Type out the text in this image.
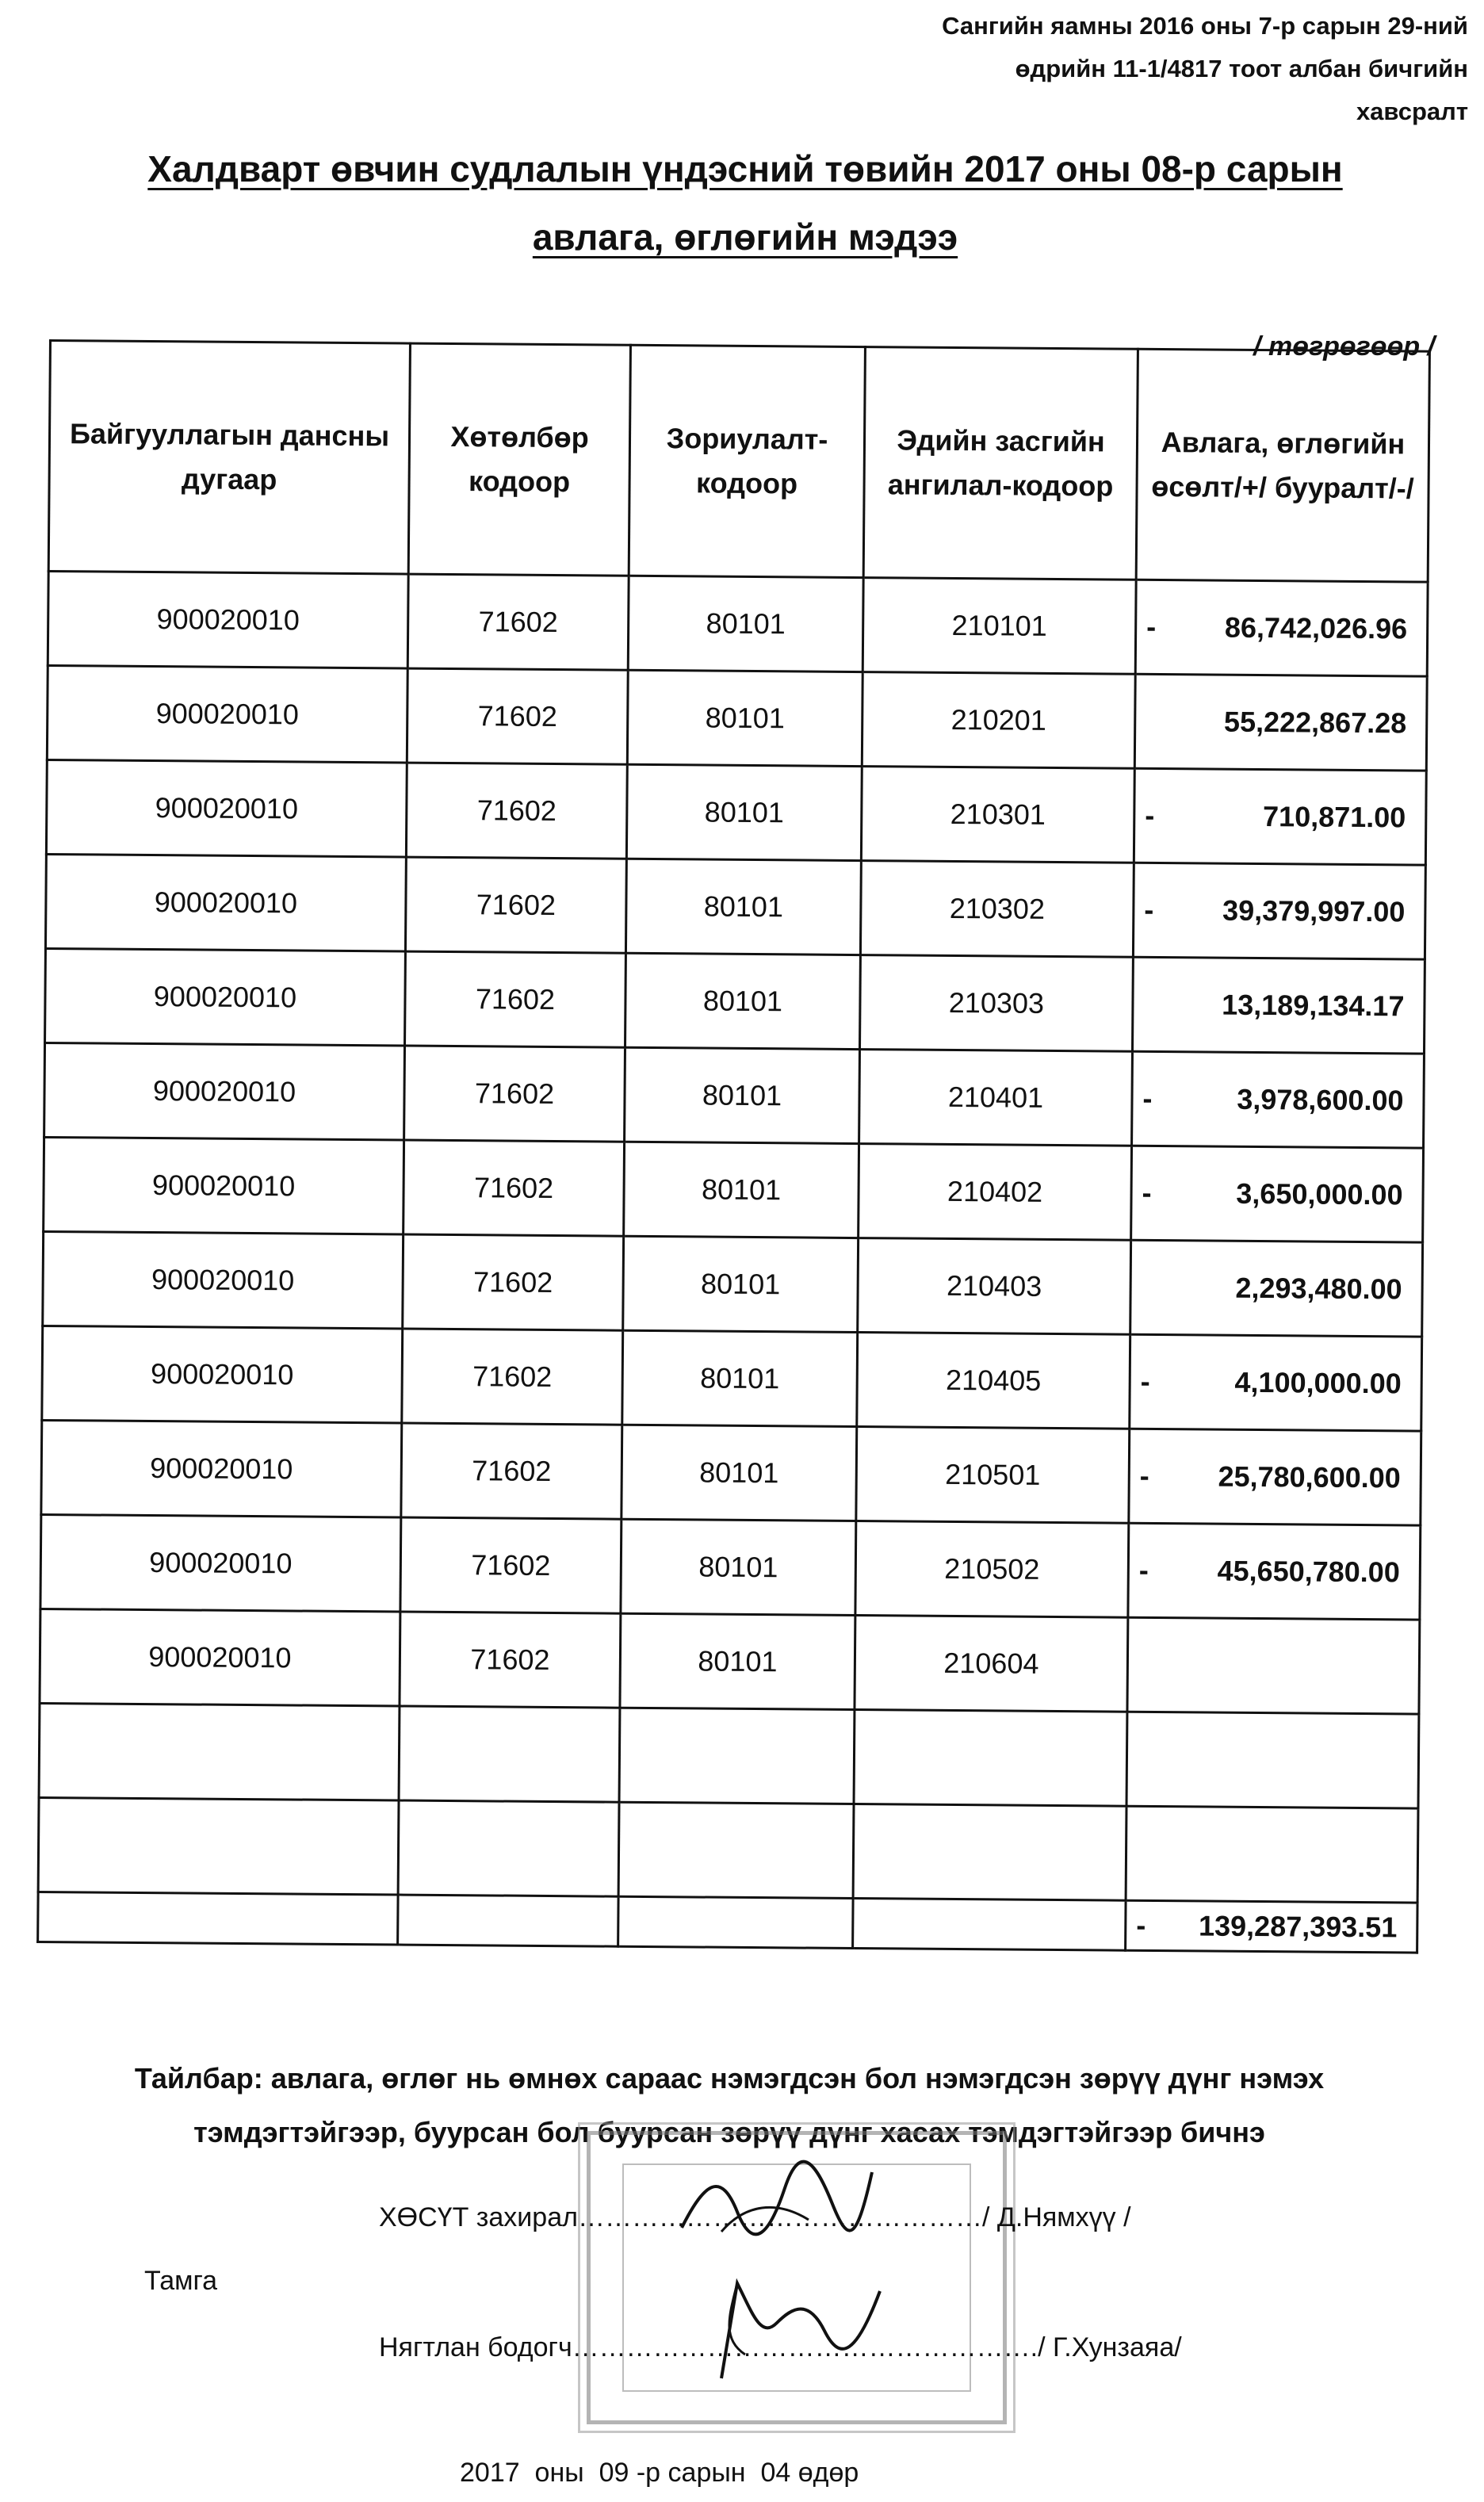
Сангийн яамны 2016 оны 7-р сарын 29-ний
өдрийн 11-1/4817 тоот албан бичгийн
хавсралт
Халдварт өвчин судлалын үндэсний төвийн 2017 оны 08-р сарын
авлага, өглөгийн мэдээ
/ төгрөгөөр /
Байгууллагын дансны дугаар	Хөтөлбөр кодоор	Зориулалт-кодоор	Эдийн засгийн ангилал-кодоор	Авлага, өглөгийн өсөлт/+/ бууралт/-/
900020010	71602	80101	210101	- 86,742,026.96
900020010	71602	80101	210201	55,222,867.28
900020010	71602	80101	210301	- 710,871.00
900020010	71602	80101	210302	- 39,379,997.00
900020010	71602	80101	210303	13,189,134.17
900020010	71602	80101	210401	- 3,978,600.00
900020010	71602	80101	210402	- 3,650,000.00
900020010	71602	80101	210403	2,293,480.00
900020010	71602	80101	210405	- 4,100,000.00
900020010	71602	80101	210501	- 25,780,600.00
900020010	71602	80101	210502	- 45,650,780.00
900020010	71602	80101	210604	

				- 139,287,393.51
Тайлбар: авлага, өглөг нь өмнөх сараас нэмэгдсэн бол нэмэгдсэн зөрүү дүнг нэмэх
тэмдэгтэйгээр, буурсан бол буурсан зөрүү дүнг хасах тэмдэгтэйгээр бичнэ
ХӨСҮТ захирал………………………………………/ Д.Нямхүү /
Тамга
Нягтлан бодогч……………………………………………./ Г.Хунзаяа/
2017 оны 09 -р сарын 04 өдөр
